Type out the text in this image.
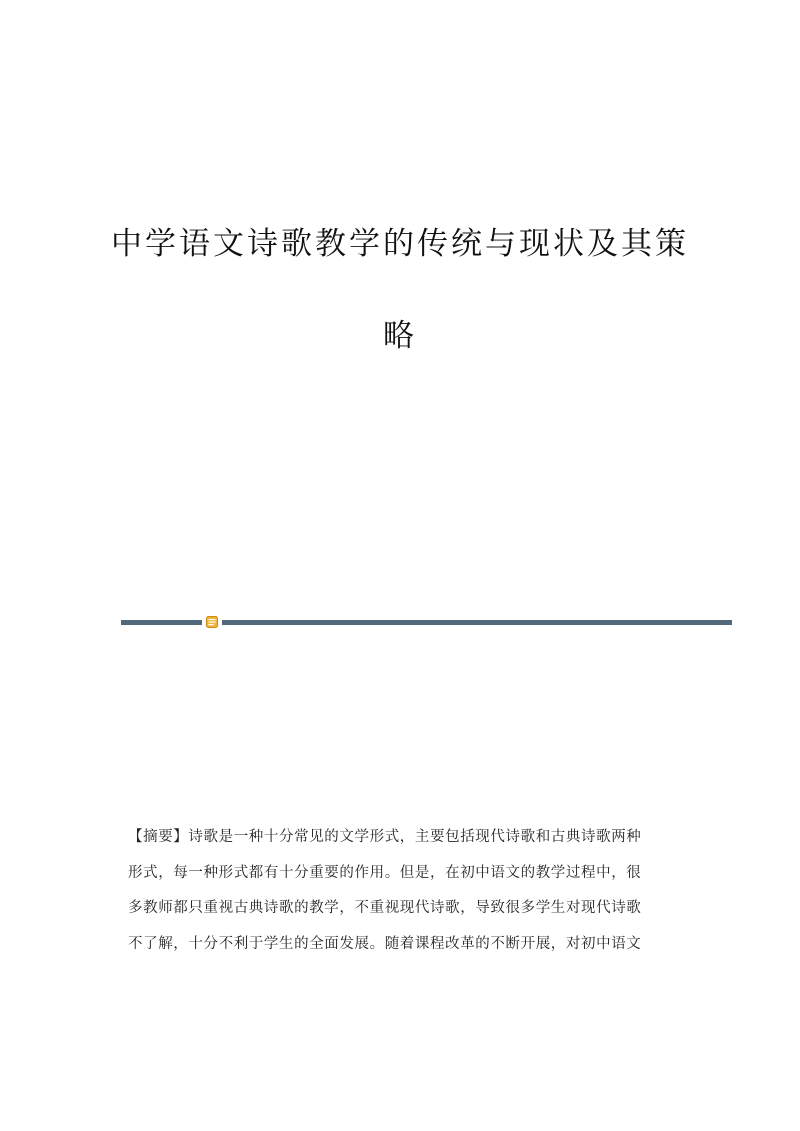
中学语文诗歌教学的传统与现状及其策
略
【摘要】诗歌是一种十分常见的文学形式，主要包括现代诗歌和古典诗歌两种
形式，每一种形式都有十分重要的作用。但是，在初中语文的教学过程中，很
多教师都只重视古典诗歌的教学，不重视现代诗歌，导致很多学生对现代诗歌
不了解，十分不利于学生的全面发展。随着课程改革的不断开展，对初中语文
